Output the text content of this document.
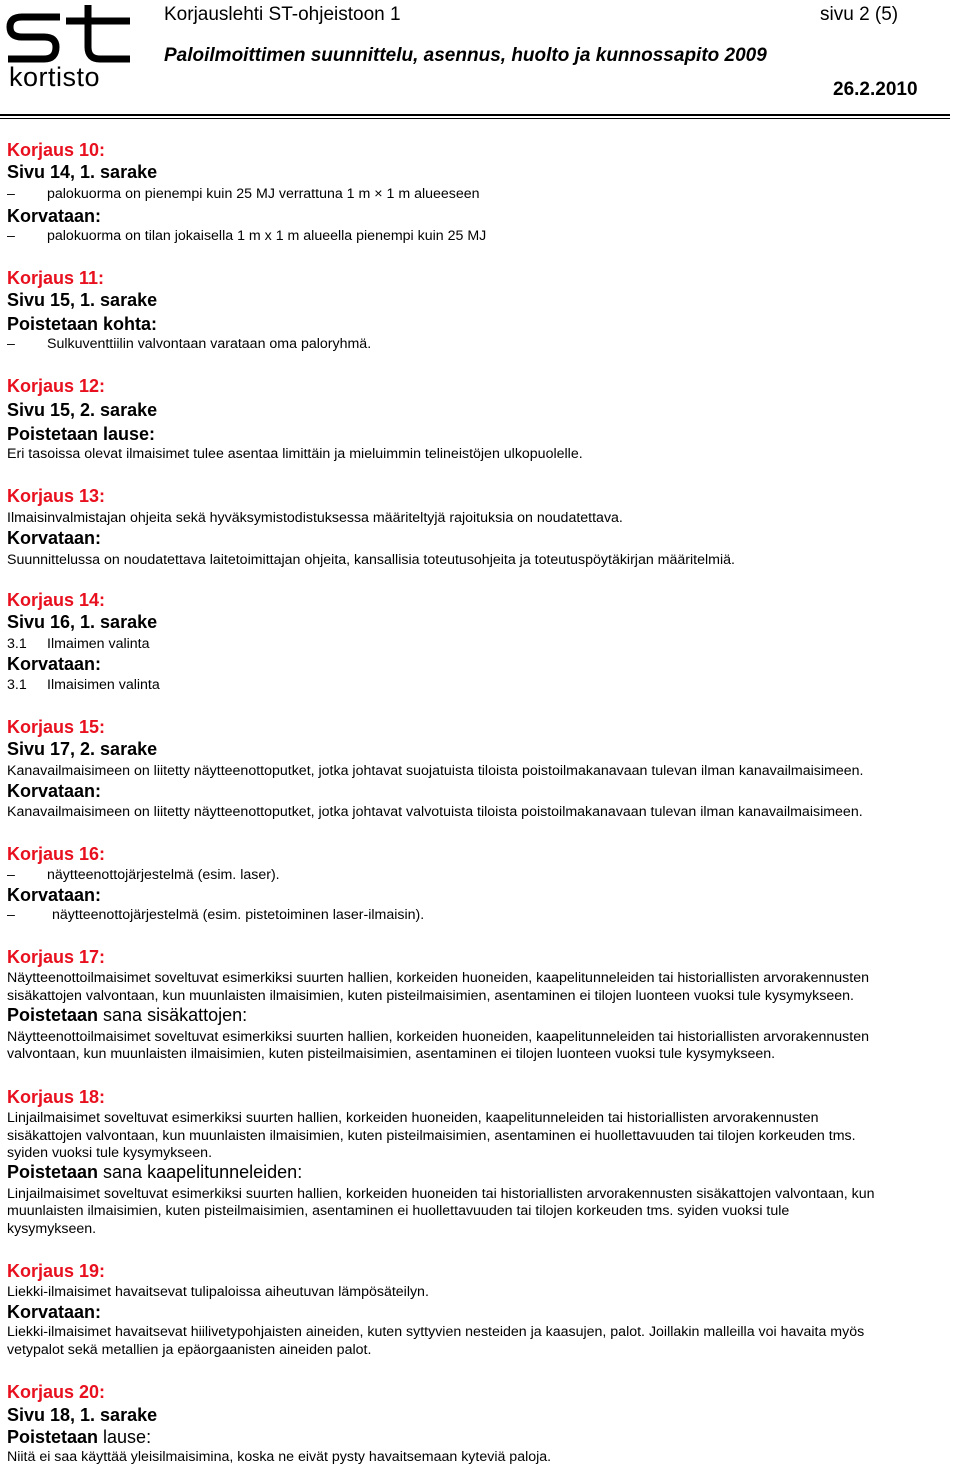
kortisto
Korjauslehti ST-ohjeistoon 1	sivu 2 (5)
Paloilmoittimen suunnittelu, asennus, huolto ja kunnossapito 2009
26.2.2010
Korjaus 10:
Sivu 14, 1. sarake
– palokuorma on pienempi kuin 25 MJ verrattuna 1 m × 1 m alueeseen
Korvataan:
– palokuorma on tilan jokaisella 1 m x 1 m alueella pienempi kuin 25 MJ
Korjaus 11:
Sivu 15, 1. sarake
Poistetaan kohta:
– Sulkuventtiilin valvontaan varataan oma paloryhmä.
Korjaus 12:
Sivu 15, 2. sarake
Poistetaan lause:
Eri tasoissa olevat ilmaisimet tulee asentaa limittäin ja mieluimmin telineistöjen ulkopuolelle.
Korjaus 13:
Ilmaisinvalmistajan ohjeita sekä hyväksymistodistuksessa määriteltyjä rajoituksia on noudatettava.
Korvataan:
Suunnittelussa on noudatettava laitetoimittajan ohjeita, kansallisia toteutusohjeita ja toteutuspöytäkirjan määritelmiä.
Korjaus 14:
Sivu 16, 1. sarake
3.1 Ilmaimen valinta
Korvataan:
3.1 Ilmaisimen valinta
Korjaus 15:
Sivu 17, 2. sarake
Kanavailmaisimeen on liitetty näytteenottoputket, jotka johtavat suojatuista tiloista poistoilmakanavaan tulevan ilman kanavailmaisimeen.
Korvataan:
Kanavailmaisimeen on liitetty näytteenottoputket, jotka johtavat valvotuista tiloista poistoilmakanavaan tulevan ilman kanavailmaisimeen.
Korjaus 16:
– näytteenottojärjestelmä (esim. laser).
Korvataan:
–	näytteenottojärjestelmä (esim. pistetoiminen laser-ilmaisin).
Korjaus 17:
Näytteenottoilmaisimet soveltuvat esimerkiksi suurten hallien, korkeiden huoneiden, kaapelitunneleiden tai historiallisten arvorakennusten
sisäkattojen valvontaan, kun muunlaisten ilmaisimien, kuten pisteilmaisimien, asentaminen ei tilojen luonteen vuoksi tule kysymykseen.
Poistetaan sana sisäkattojen:
Näytteenottoilmaisimet soveltuvat esimerkiksi suurten hallien, korkeiden huoneiden, kaapelitunneleiden tai historiallisten arvorakennusten
valvontaan, kun muunlaisten ilmaisimien, kuten pisteilmaisimien, asentaminen ei tilojen luonteen vuoksi tule kysymykseen.
Korjaus 18:
Linjailmaisimet soveltuvat esimerkiksi suurten hallien, korkeiden huoneiden, kaapelitunneleiden tai historiallisten arvorakennusten
sisäkattojen valvontaan, kun muunlaisten ilmaisimien, kuten pisteilmaisimien, asentaminen ei huollettavuuden tai tilojen korkeuden tms.
syiden vuoksi tule kysymykseen.
Poistetaan sana kaapelitunneleiden:
Linjailmaisimet soveltuvat esimerkiksi suurten hallien, korkeiden huoneiden tai historiallisten arvorakennusten sisäkattojen valvontaan, kun
muunlaisten ilmaisimien, kuten pisteilmaisimien, asentaminen ei huollettavuuden tai tilojen korkeuden tms. syiden vuoksi tule
kysymykseen.
Korjaus 19:
Liekki-ilmaisimet havaitsevat tulipaloissa aiheutuvan lämpösäteilyn.
Korvataan:
Liekki-ilmaisimet havaitsevat hiilivetypohjaisten aineiden, kuten syttyvien nesteiden ja kaasujen, palot. Joillakin malleilla voi havaita myös
vetypalot sekä metallien ja epäorgaanisten aineiden palot.
Korjaus 20:
Sivu 18, 1. sarake
Poistetaan lause:
Niitä ei saa käyttää yleisilmaisimina, koska ne eivät pysty havaitsemaan kyteviä paloja.
